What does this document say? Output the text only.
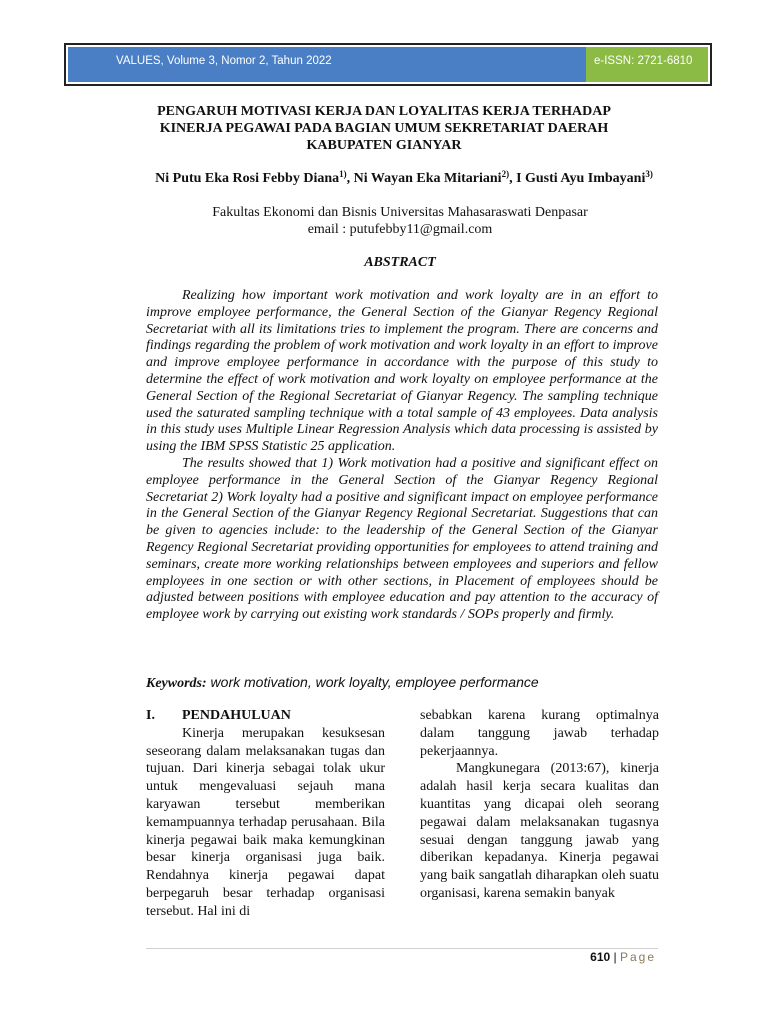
VALUES, Volume 3, Nomor 2, Tahun 2022	e-ISSN: 2721-6810
PENGARUH MOTIVASI KERJA DAN LOYALITAS KERJA TERHADAP KINERJA PEGAWAI PADA BAGIAN UMUM SEKRETARIAT DAERAH KABUPATEN GIANYAR
Ni Putu Eka Rosi Febby Diana$^{1)}$, Ni Wayan Eka Mitariani$^{2)}$, I Gusti Ayu Imbayani$^{3)}$
Fakultas Ekonomi dan Bisnis Universitas Mahasaraswati Denpasar
email : putufebby11@gmail.com
ABSTRACT

Realizing how important work motivation and work loyalty are in an effort to improve employee performance, the General Section of the Gianyar Regency Regional Secretariat with all its limitations tries to implement the program. There are concerns and findings regarding the problem of work motivation and work loyalty in an effort to improve and improve employee performance in accordance with the purpose of this study to determine the effect of work motivation and work loyalty on employee performance at the General Section of the Regional Secretariat of Gianyar Regency. The sampling technique used the saturated sampling technique with a total sample of 43 employees. Data analysis in this study uses Multiple Linear Regression Analysis which data processing is assisted by using the IBM SPSS Statistic 25 application.

The results showed that 1) Work motivation had a positive and significant effect on employee performance in the General Section of the Gianyar Regency Regional Secretariat 2) Work loyalty had a positive and significant impact on employee performance in the General Section of the Gianyar Regency Regional Secretariat. Suggestions that can be given to agencies include: to the leadership of the General Section of the Gianyar Regency Regional Secretariat providing opportunities for employees to attend training and seminars, create more working relationships between employees and superiors and fellow employees in one section or with other sections, in Placement of employees should be adjusted between positions with employee education and pay attention to the accuracy of employee work by carrying out existing work standards / SOPs properly and firmly.

Keywords: work motivation, work loyalty, employee performance

I. PENDAHULUAN

Kinerja merupakan kesuksesan seseorang dalam melaksanakan tugas dan tujuan. Dari kinerja sebagai tolak ukur untuk mengevaluasi sejauh mana karyawan tersebut memberikan kemampuannya terhadap perusahaan. Bila kinerja pegawai baik maka kemungkinan besar kinerja organisasi juga baik. Rendahnya kinerja pegawai dapat berpegaruh besar terhadap organisasi tersebut. Hal ini di

sebabkan karena kurang optimalnya dalam tanggung jawab terhadap pekerjaannya.

Mangkunegara (2013:67), kinerja adalah hasil kerja secara kualitas dan kuantitas yang dicapai oleh seorang pegawai dalam melaksanakan tugasnya sesuai dengan tanggung jawab yang diberikan kepadanya. Kinerja pegawai yang baik sangatlah diharapkan oleh suatu organisasi, karena semakin banyak

610 | Page
